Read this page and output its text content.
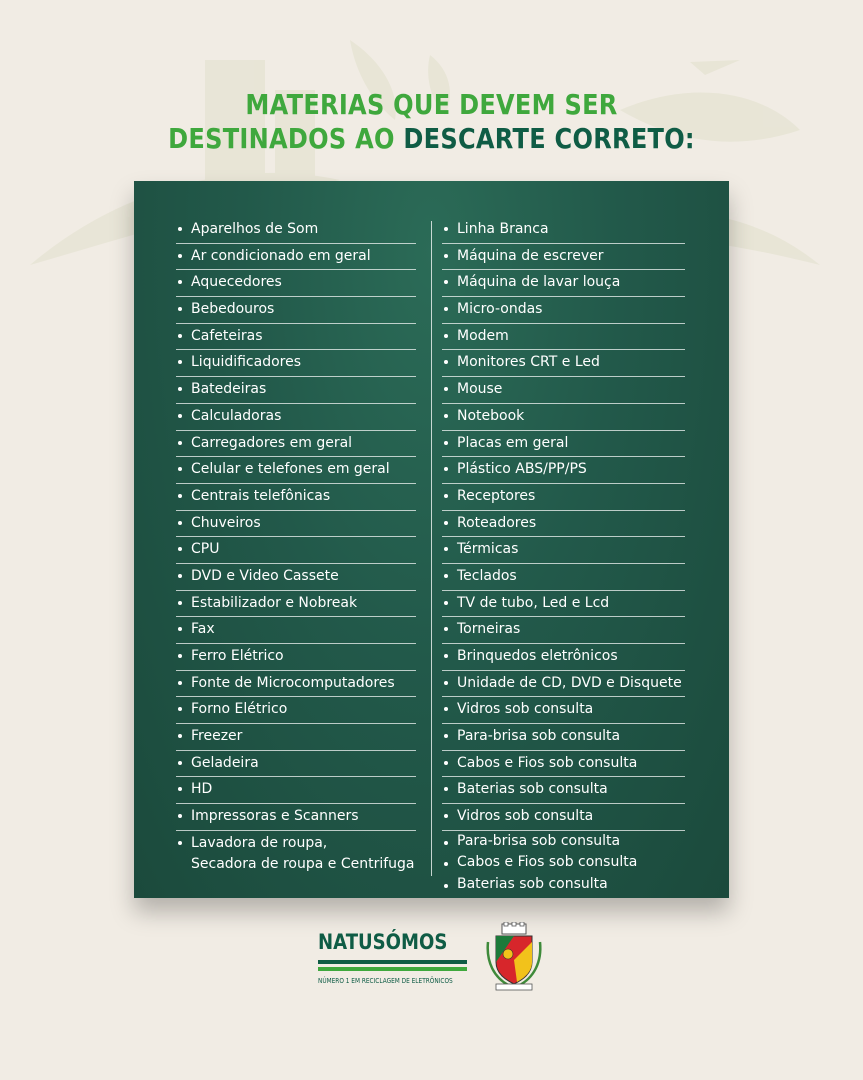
MATERIAS QUE DEVEM SER
DESTINADOS AO DESCARTE CORRETO:
Aparelhos de Som
Ar condicionado em geral
Aquecedores
Bebedouros
Cafeteiras
Liquidificadores
Batedeiras
Calculadoras
Carregadores em geral
Celular e telefones em geral
Centrais telefônicas
Chuveiros
CPU
DVD e Video Cassete
Estabilizador e Nobreak
Fax
Ferro Elétrico
Fonte de Microcomputadores
Forno Elétrico
Freezer
Geladeira
HD
Impressoras e Scanners
Lavadora de roupa,
Secadora de roupa e Centrifuga
Linha Branca
Máquina de escrever
Máquina de lavar louça
Micro-ondas
Modem
Monitores CRT e Led
Mouse
Notebook
Placas em geral
Plástico ABS/PP/PS
Receptores
Roteadores
Térmicas
Teclados
TV de tubo, Led e Lcd
Torneiras
Brinquedos eletrônicos
Unidade de CD, DVD e Disquete
Vidros sob consulta
Para-brisa sob consulta
Cabos e Fios sob consulta
Baterias sob consulta
Vidros sob consulta
Para-brisa sob consulta
Cabos e Fios sob consulta
Baterias sob consulta
NATUSÓMOS
NÚMERO 1 EM RECICLAGEM DE ELETRÔNICOS
